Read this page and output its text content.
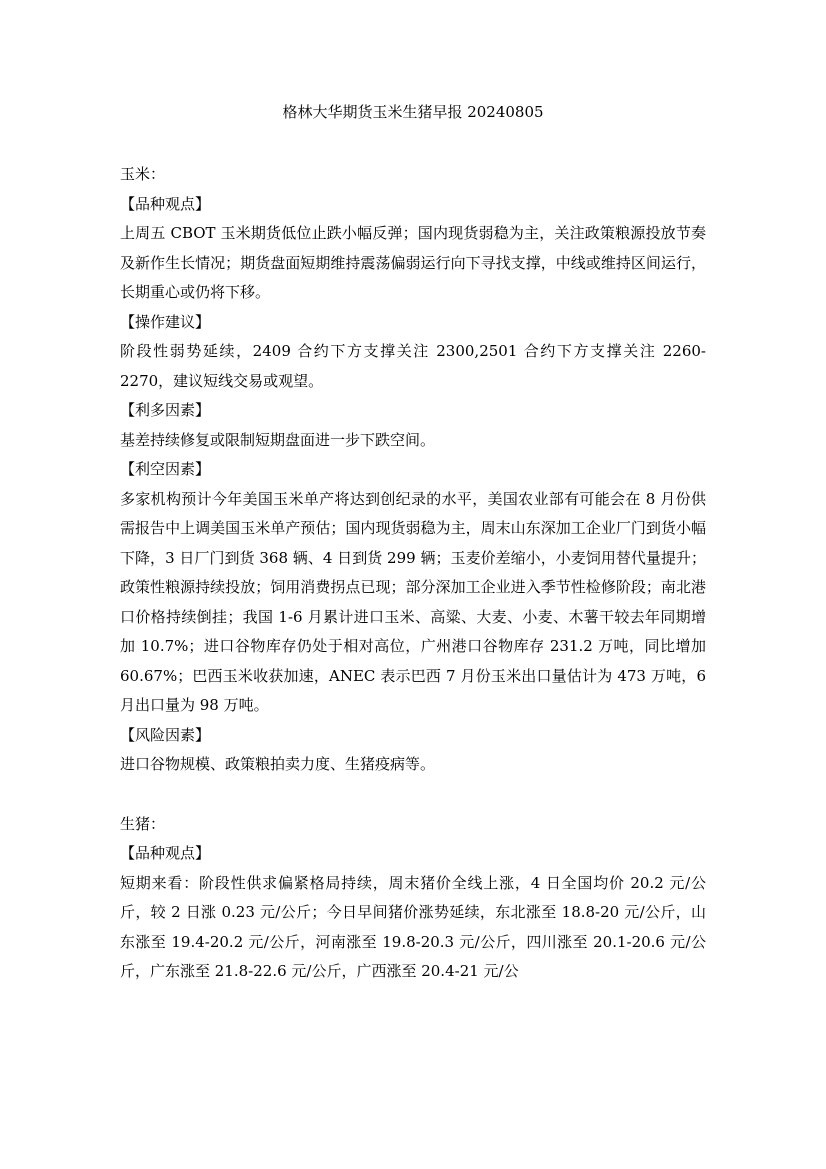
格林大华期货玉米生猪早报 20240805

玉米：

【品种观点】

上周五 CBOT 玉米期货低位止跌小幅反弹；国内现货弱稳为主，关注政策粮源投放节奏及新作生长情况；期货盘面短期维持震荡偏弱运行向下寻找支撑，中线或维持区间运行，长期重心或仍将下移。

【操作建议】

阶段性弱势延续，2409 合约下方支撑关注 2300,2501 合约下方支撑关注 2260-2270，建议短线交易或观望。

【利多因素】

基差持续修复或限制短期盘面进一步下跌空间。

【利空因素】

多家机构预计今年美国玉米单产将达到创纪录的水平，美国农业部有可能会在 8 月份供需报告中上调美国玉米单产预估；国内现货弱稳为主，周末山东深加工企业厂门到货小幅下降，3 日厂门到货 368 辆、4 日到货 299 辆；玉麦价差缩小，小麦饲用替代量提升；政策性粮源持续投放；饲用消费拐点已现；部分深加工企业进入季节性检修阶段；南北港口价格持续倒挂；我国 1-6 月累计进口玉米、高粱、大麦、小麦、木薯干较去年同期增加 10.7%；进口谷物库存仍处于相对高位，广州港口谷物库存 231.2 万吨，同比增加 60.67%；巴西玉米收获加速，ANEC 表示巴西 7 月份玉米出口量估计为 473 万吨，6 月出口量为 98 万吨。

【风险因素】

进口谷物规模、政策粮拍卖力度、生猪疫病等。

生猪：

【品种观点】

短期来看：阶段性供求偏紧格局持续，周末猪价全线上涨，4 日全国均价 20.2 元/公斤，较 2 日涨 0.23 元/公斤；今日早间猪价涨势延续，东北涨至 18.8-20 元/公斤，山东涨至 19.4-20.2 元/公斤，河南涨至 19.8-20.3 元/公斤，四川涨至 20.1-20.6 元/公斤，广东涨至 21.8-22.6 元/公斤，广西涨至 20.4-21 元/公
